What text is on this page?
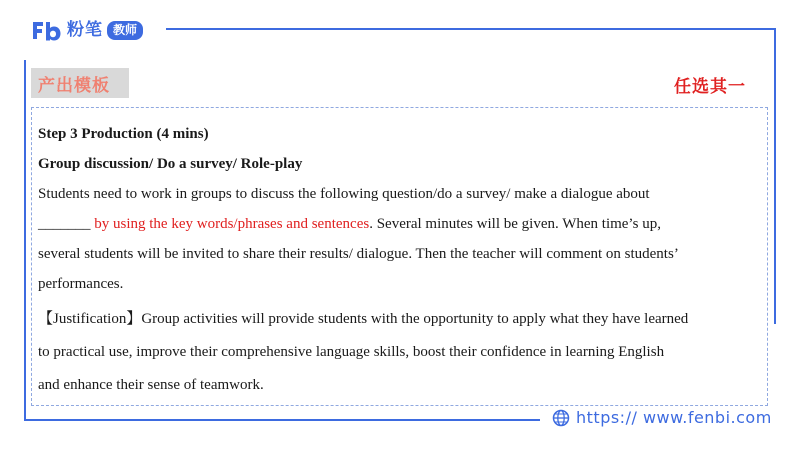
粉笔 教师
产出模板	任选其一
Step 3 Production (4 mins)
Group discussion/ Do a survey/ Role-play
Students need to work in groups to discuss the following question/do a survey/ make a dialogue about
_______ by using the key words/phrases and sentences. Several minutes will be given. When time’s up,
several students will be invited to share their results/ dialogue. Then the teacher will comment on students’
performances.
【Justification】Group activities will provide students with the opportunity to apply what they have learned
to practical use, improve their comprehensive language skills, boost their confidence in learning English
and enhance their sense of teamwork.
https:// www.fenbi.com
